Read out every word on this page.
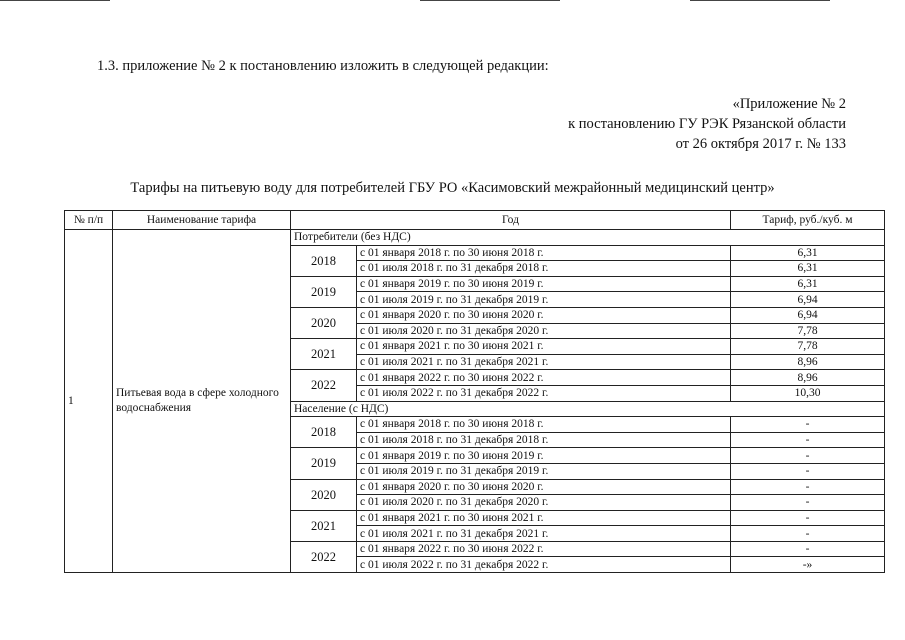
1.3. приложение № 2 к постановлению изложить в следующей редакции:
«Приложение № 2
к постановлению ГУ РЭК Рязанской области
от 26 октября 2017 г. № 133
Тарифы на питьевую воду для потребителей ГБУ РО «Касимовский межрайонный медицинский центр»
№ п/п	Наименование тарифа	Год		Тариф, руб./куб. м
1	Питьевая вода в сфере холодного водоснабжения	Потребители (без НДС)		
		2018	с 01 января 2018 г. по 30 июня 2018 г.	6,31
			с 01 июля 2018 г. по 31 декабря 2018 г.	6,31
		2019	с 01 января 2019 г. по 30 июня 2019 г.	6,31
			с 01 июля 2019 г. по 31 декабря 2019 г.	6,94
		2020	с 01 января 2020 г. по 30 июня 2020 г.	6,94
			с 01 июля 2020 г. по 31 декабря 2020 г.	7,78
		2021	с 01 января 2021 г. по 30 июня 2021 г.	7,78
			с 01 июля 2021 г. по 31 декабря 2021 г.	8,96
		2022	с 01 января 2022 г. по 30 июня 2022 г.	8,96
			с 01 июля 2022 г. по 31 декабря 2022 г.	10,30
		Население (с НДС)		
		2018	с 01 января 2018 г. по 30 июня 2018 г.	-
			с 01 июля 2018 г. по 31 декабря 2018 г.	-
		2019	с 01 января 2019 г. по 30 июня 2019 г.	-
			с 01 июля 2019 г. по 31 декабря 2019 г.	-
		2020	с 01 января 2020 г. по 30 июня 2020 г.	-
			с 01 июля 2020 г. по 31 декабря 2020 г.	-
		2021	с 01 января 2021 г. по 30 июня 2021 г.	-
			с 01 июля 2021 г. по 31 декабря 2021 г.	-
		2022	с 01 января 2022 г. по 30 июня 2022 г.	-
			с 01 июля 2022 г. по 31 декабря 2022 г.	-»
